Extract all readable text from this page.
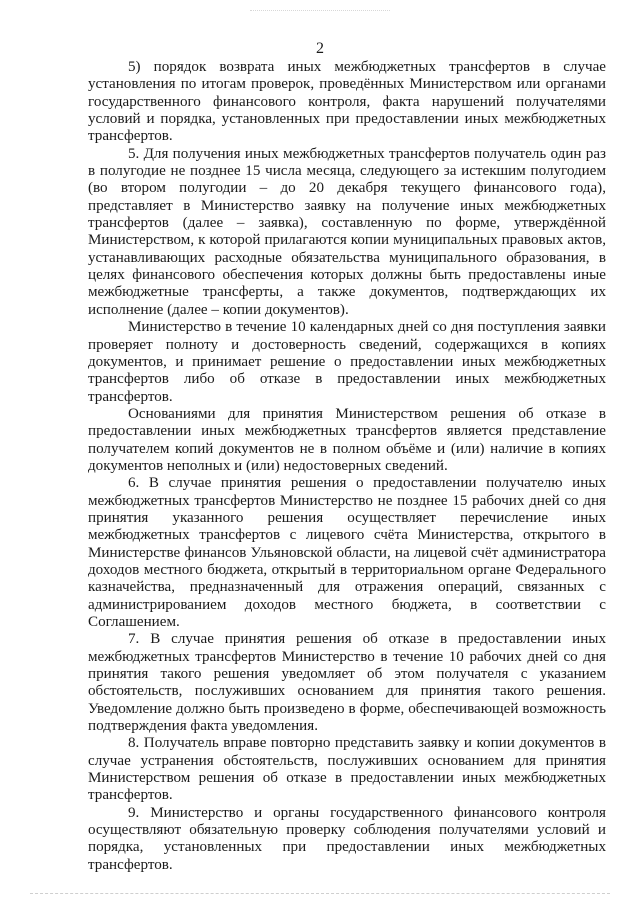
2

5) порядок возврата иных межбюджетных трансфертов в случае установления по итогам проверок, проведённых Министерством или органами государственного финансового контроля, факта нарушений получателями условий и порядка, установленных при предоставлении иных межбюджетных трансфертов.

5. Для получения иных межбюджетных трансфертов получатель один раз в полугодие не позднее 15 числа месяца, следующего за истекшим полугодием (во втором полугодии – до 20 декабря текущего финансового года), представляет в Министерство заявку на получение иных межбюджетных трансфертов (далее – заявка), составленную по форме, утверждённой Министерством, к которой прилагаются копии муниципальных правовых актов, устанавливающих расходные обязательства муниципального образования, в целях финансового обеспечения которых должны быть предоставлены иные межбюджетные трансферты, а также документов, подтверждающих их исполнение (далее – копии документов).

Министерство в течение 10 календарных дней со дня поступления заявки проверяет полноту и достоверность сведений, содержащихся в копиях документов, и принимает решение о предоставлении иных межбюджетных трансфертов либо об отказе в предоставлении иных межбюджетных трансфертов.

Основаниями для принятия Министерством решения об отказе в предоставлении иных межбюджетных трансфертов является представление получателем копий документов не в полном объёме и (или) наличие в копиях документов неполных и (или) недостоверных сведений.

6. В случае принятия решения о предоставлении получателю иных межбюджетных трансфертов Министерство не позднее 15 рабочих дней со дня принятия указанного решения осуществляет перечисление иных межбюджетных трансфертов с лицевого счёта Министерства, открытого в Министерстве финансов Ульяновской области, на лицевой счёт администратора доходов местного бюджета, открытый в территориальном органе Федерального казначейства, предназначенный для отражения операций, связанных с администрированием доходов местного бюджета, в соответствии с Соглашением.

7. В случае принятия решения об отказе в предоставлении иных межбюджетных трансфертов Министерство в течение 10 рабочих дней со дня принятия такого решения уведомляет об этом получателя с указанием обстоятельств, послуживших основанием для принятия такого решения. Уведомление должно быть произведено в форме, обеспечивающей возможность подтверждения факта уведомления.

8. Получатель вправе повторно представить заявку и копии документов в случае устранения обстоятельств, послуживших основанием для принятия Министерством решения об отказе в предоставлении иных межбюджетных трансфертов.

9. Министерство и органы государственного финансового контроля осуществляют обязательную проверку соблюдения получателями условий и порядка, установленных при предоставлении иных межбюджетных трансфертов.
